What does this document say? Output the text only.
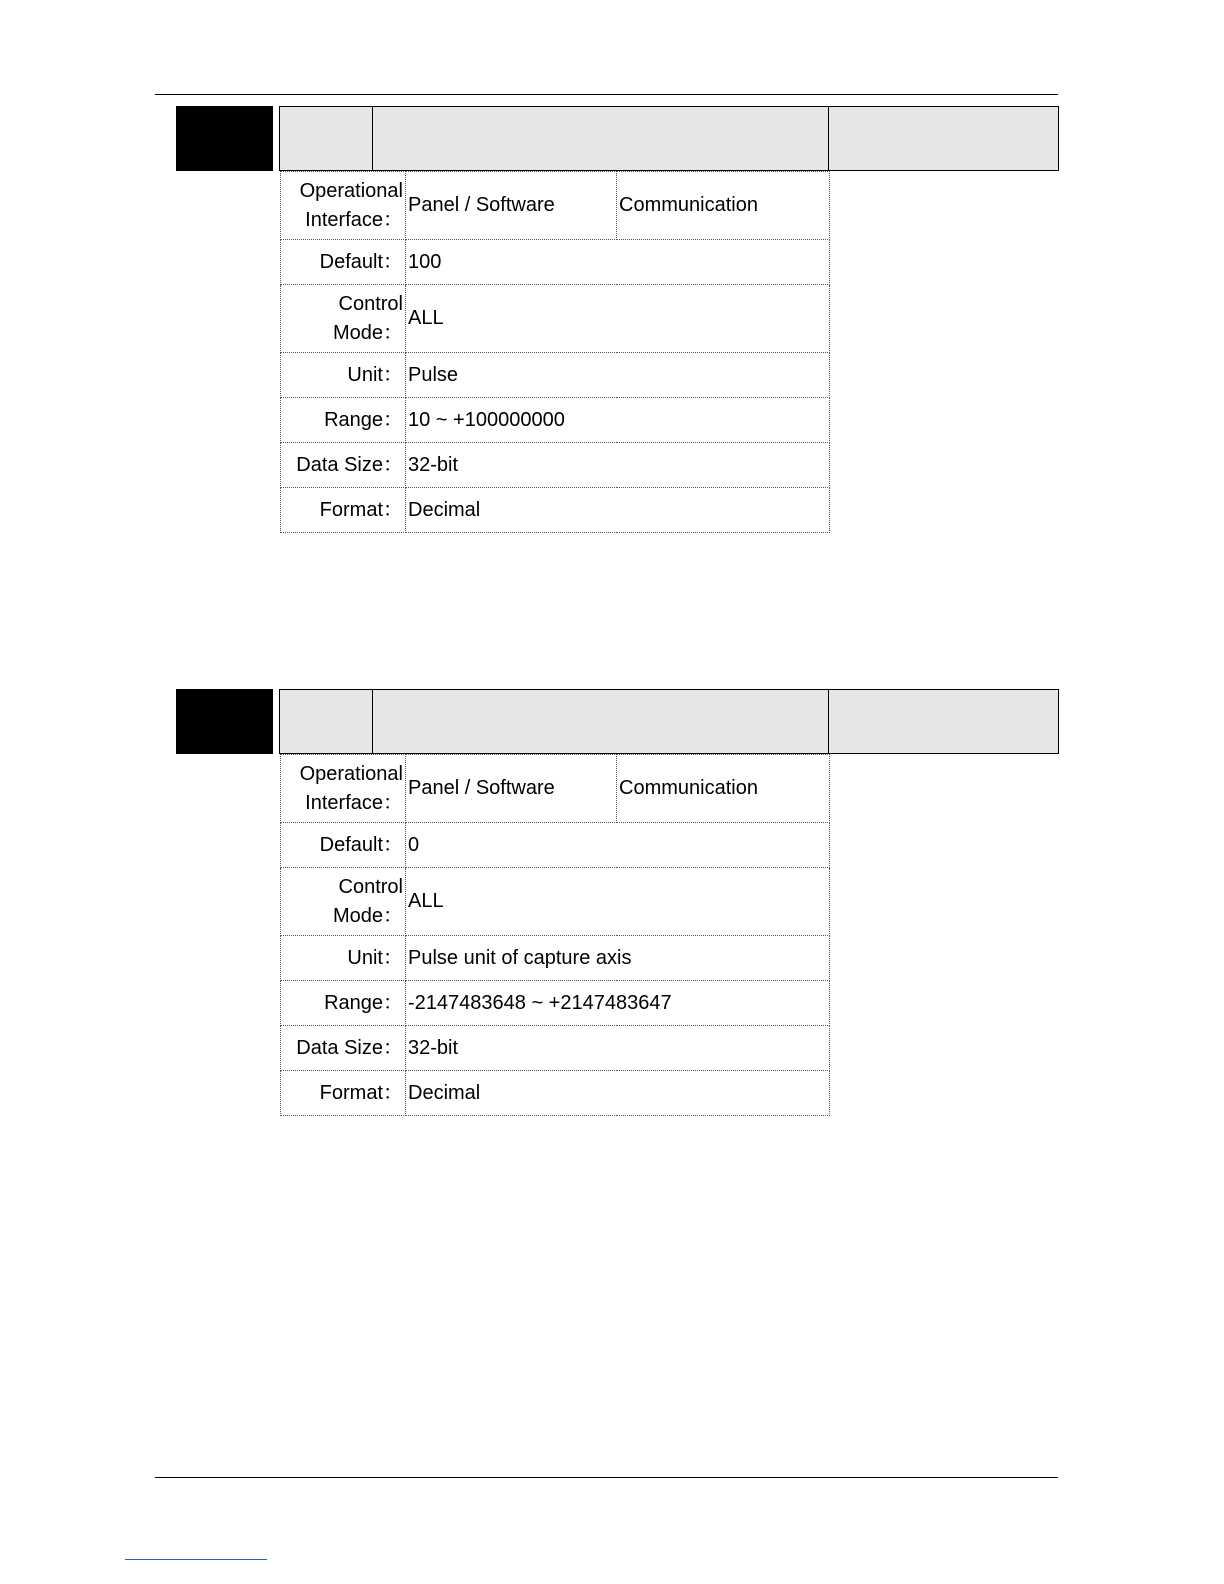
Operational
Interface：	Panel / Software	Communication
Default：	100	

Control
Mode：	ALL	
Unit：	Pulse	
Range：	10 ~ +100000000	
Data Size：	32-bit	
Format：	Decimal	
Operational
Interface：	Panel / Software	Communication
Default：	0	

Control
Mode：	ALL	
Unit：	Pulse unit of capture axis	
Range：	-2147483648 ~ +2147483647	
Data Size：	32-bit	
Format：	Decimal	
